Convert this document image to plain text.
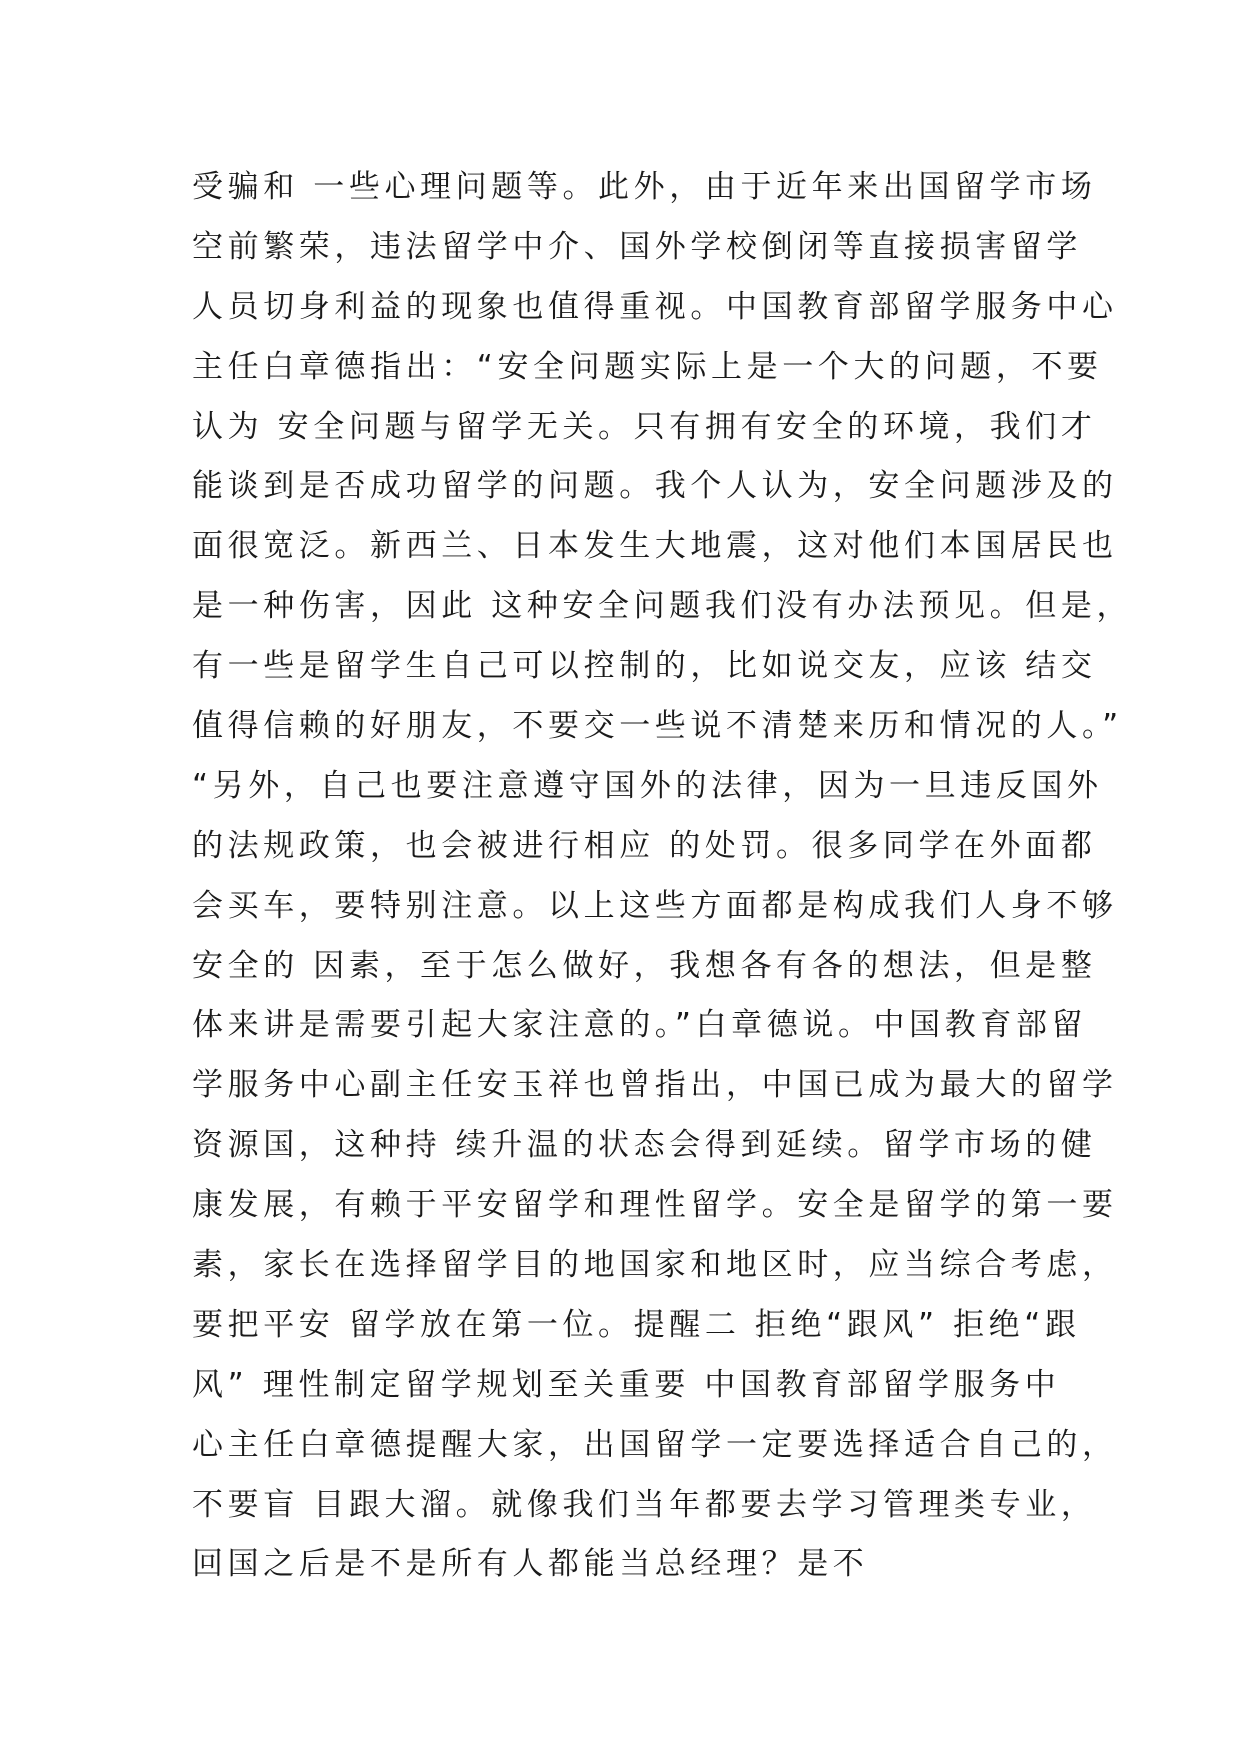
受骗和 一些心理问题等。此外，由于近年来出国留学市场
空前繁荣，违法留学中介、国外学校倒闭等直接损害留学
人员切身利益的现象也值得重视。中国教育部留学服务中心
主任白章德指出：“安全问题实际上是一个大的问题，不要
认为 安全问题与留学无关。只有拥有安全的环境，我们才
能谈到是否成功留学的问题。我个人认为，安全问题涉及的
面很宽泛。新西兰、日本发生大地震，这对他们本国居民也
是一种伤害，因此 这种安全问题我们没有办法预见。但是，
有一些是留学生自己可以控制的，比如说交友，应该 结交
值得信赖的好朋友，不要交一些说不清楚来历和情况的人。”
“另外，自己也要注意遵守国外的法律，因为一旦违反国外
的法规政策，也会被进行相应 的处罚。很多同学在外面都
会买车，要特别注意。以上这些方面都是构成我们人身不够
安全的 因素，至于怎么做好，我想各有各的想法，但是整
体来讲是需要引起大家注意的。”白章德说。中国教育部留
学服务中心副主任安玉祥也曾指出，中国已成为最大的留学
资源国，这种持 续升温的状态会得到延续。留学市场的健
康发展，有赖于平安留学和理性留学。安全是留学的第一要
素，家长在选择留学目的地国家和地区时，应当综合考虑，
要把平安 留学放在第一位。提醒二 拒绝“跟风” 拒绝“跟
风” 理性制定留学规划至关重要 中国教育部留学服务中
心主任白章德提醒大家，出国留学一定要选择适合自己的，
不要盲 目跟大溜。就像我们当年都要去学习管理类专业，
回国之后是不是所有人都能当总经理？是不
